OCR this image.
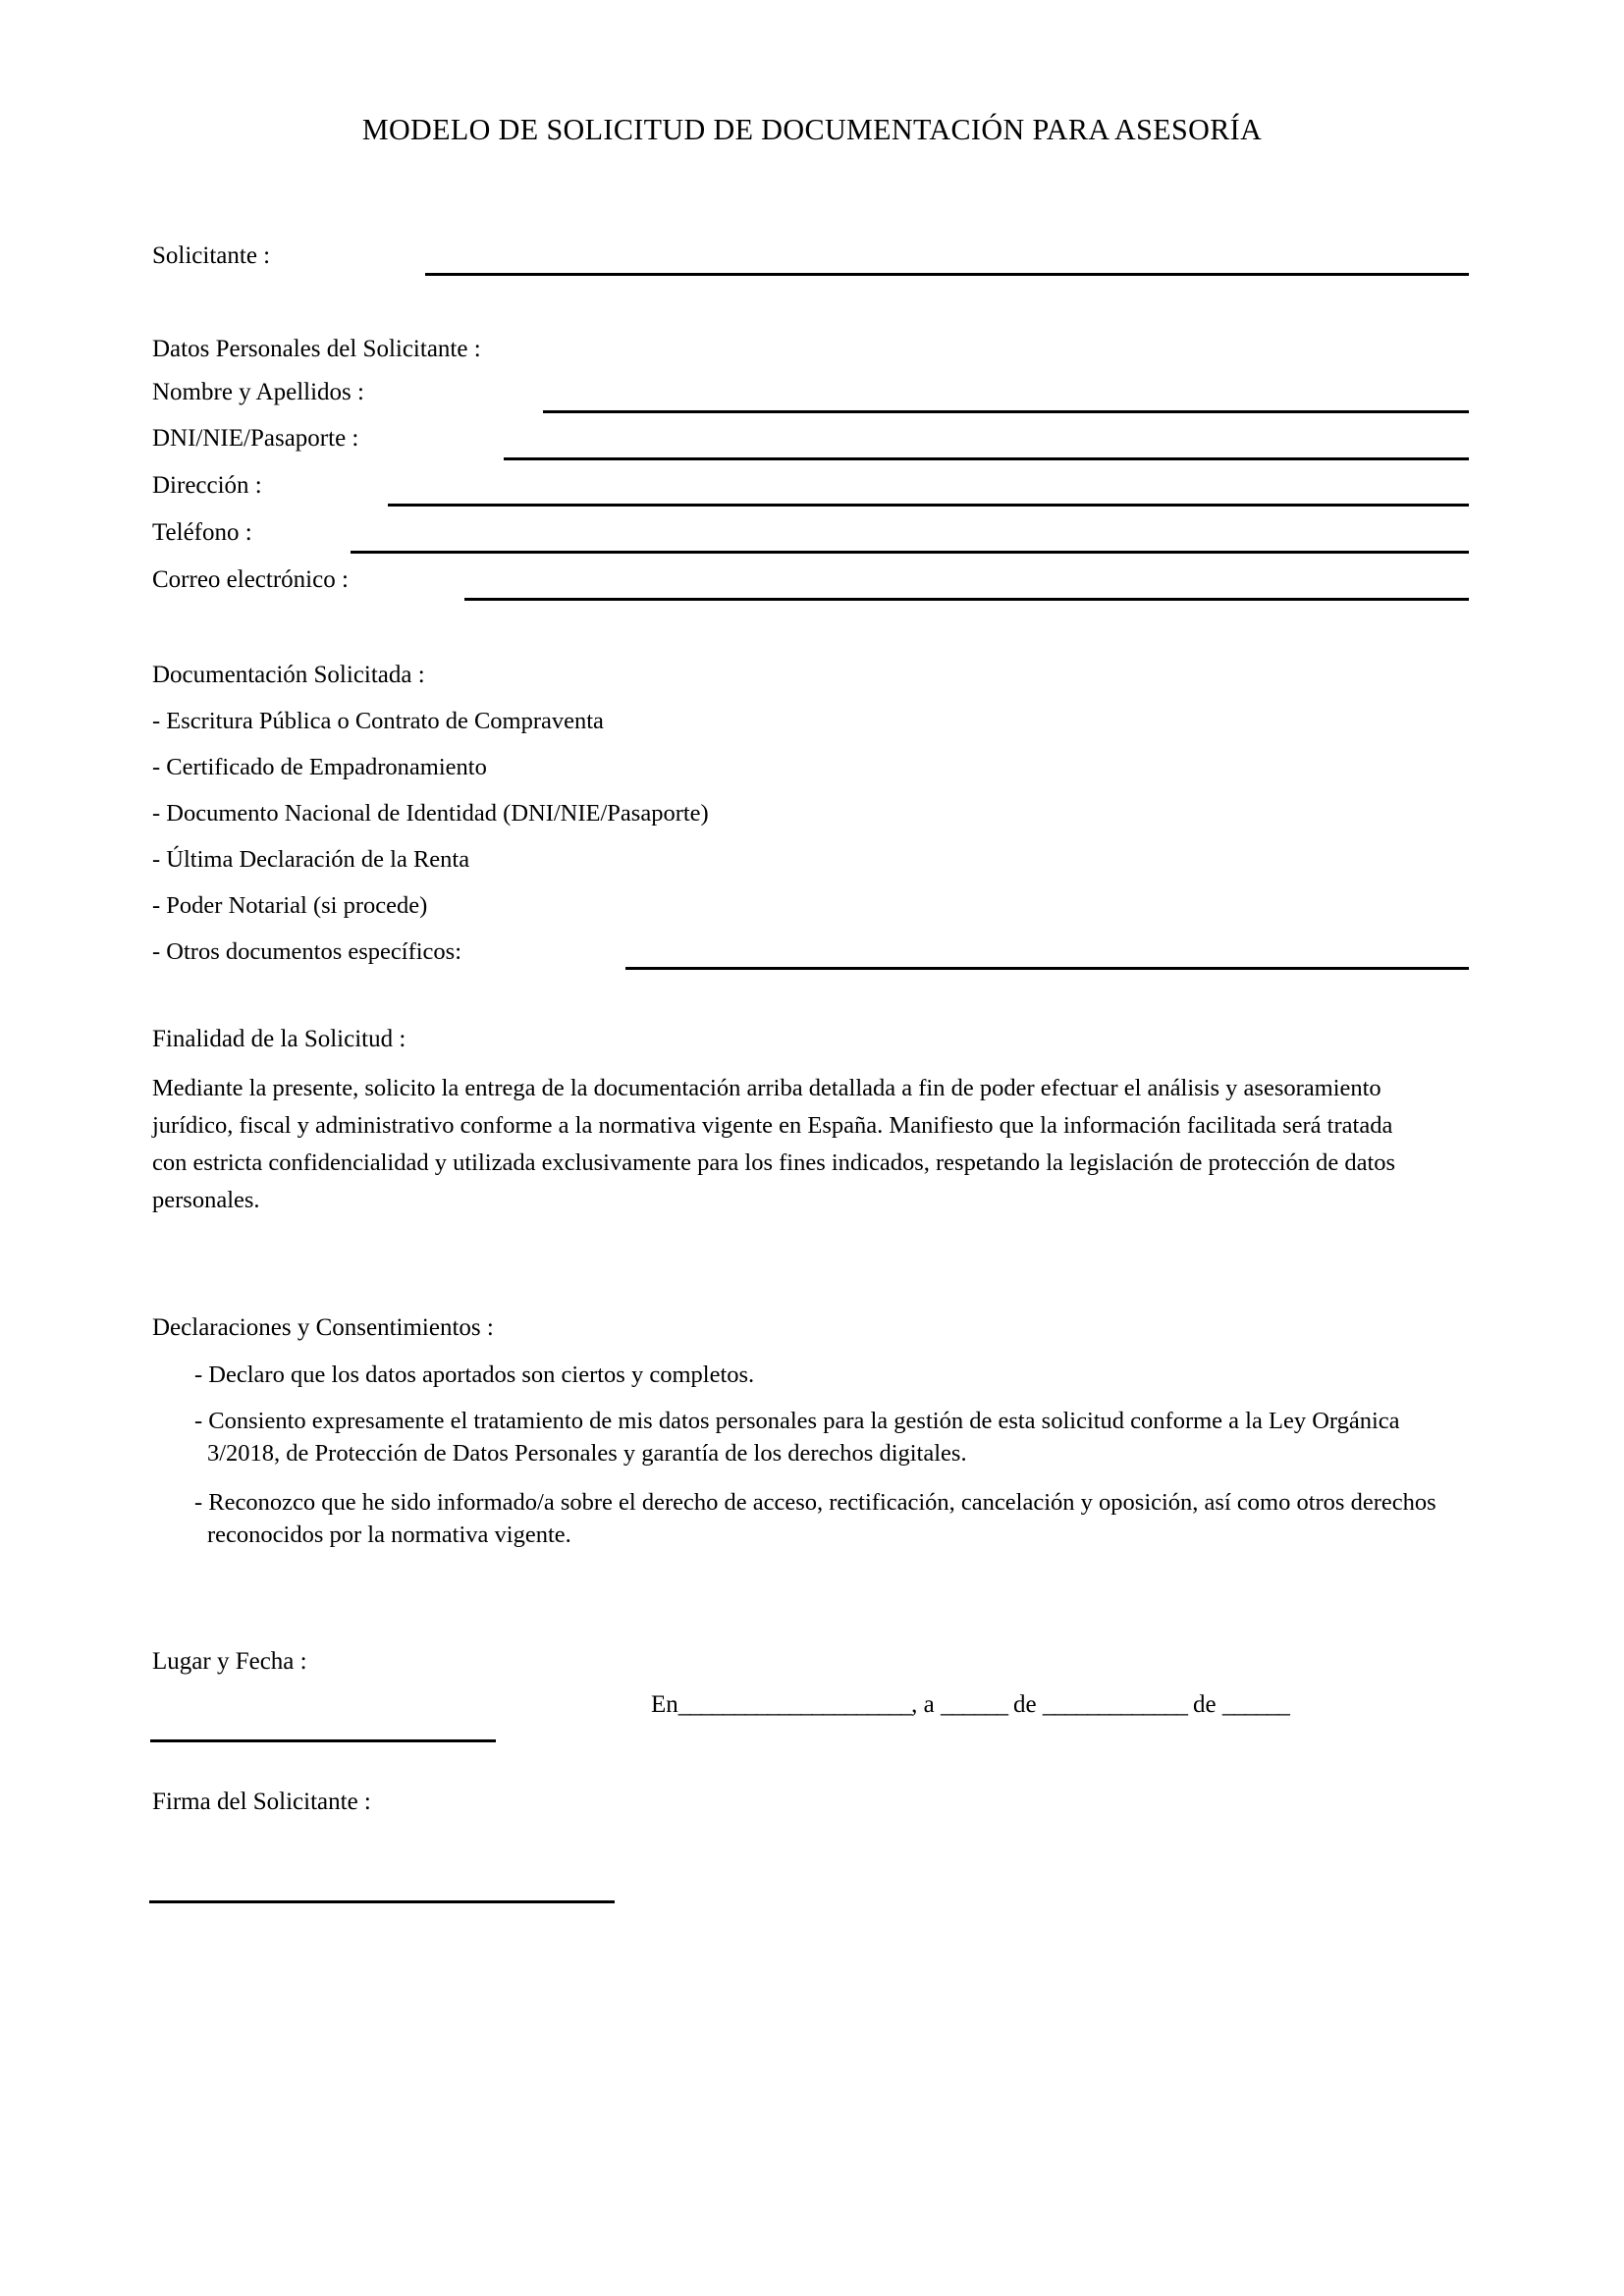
MODELO DE SOLICITUD DE DOCUMENTACIÓN PARA ASESORÍA
Solicitante :
Datos Personales del Solicitante :
Nombre y Apellidos :
DNI/NIE/Pasaporte :
Dirección :
Teléfono :
Correo electrónico :
Documentación Solicitada :
- Escritura Pública o Contrato de Compraventa
- Certificado de Empadronamiento
- Documento Nacional de Identidad (DNI/NIE/Pasaporte)
- Última Declaración de la Renta
- Poder Notarial (si procede)
- Otros documentos específicos:
Finalidad de la Solicitud :
Mediante la presente, solicito la entrega de la documentación arriba detallada a fin de poder efectuar el análisis y asesoramiento jurídico, fiscal y administrativo conforme a la normativa vigente en España. Manifiesto que la información facilitada será tratada con estricta confidencialidad y utilizada exclusivamente para los fines indicados, respetando la legislación de protección de datos personales.
Declaraciones y Consentimientos :
- Declaro que los datos aportados son ciertos y completos.
- Consiento expresamente el tratamiento de mis datos personales para la gestión de esta solicitud conforme a la Ley Orgánica 3/2018, de Protección de Datos Personales y garantía de los derechos digitales.
- Reconozco que he sido informado/a sobre el derecho de acceso, rectificación, cancelación y oposición, así como otros derechos reconocidos por la normativa vigente.
Lugar y Fecha :
En_____________________, a ______ de _____________ de ______
Firma del Solicitante :
